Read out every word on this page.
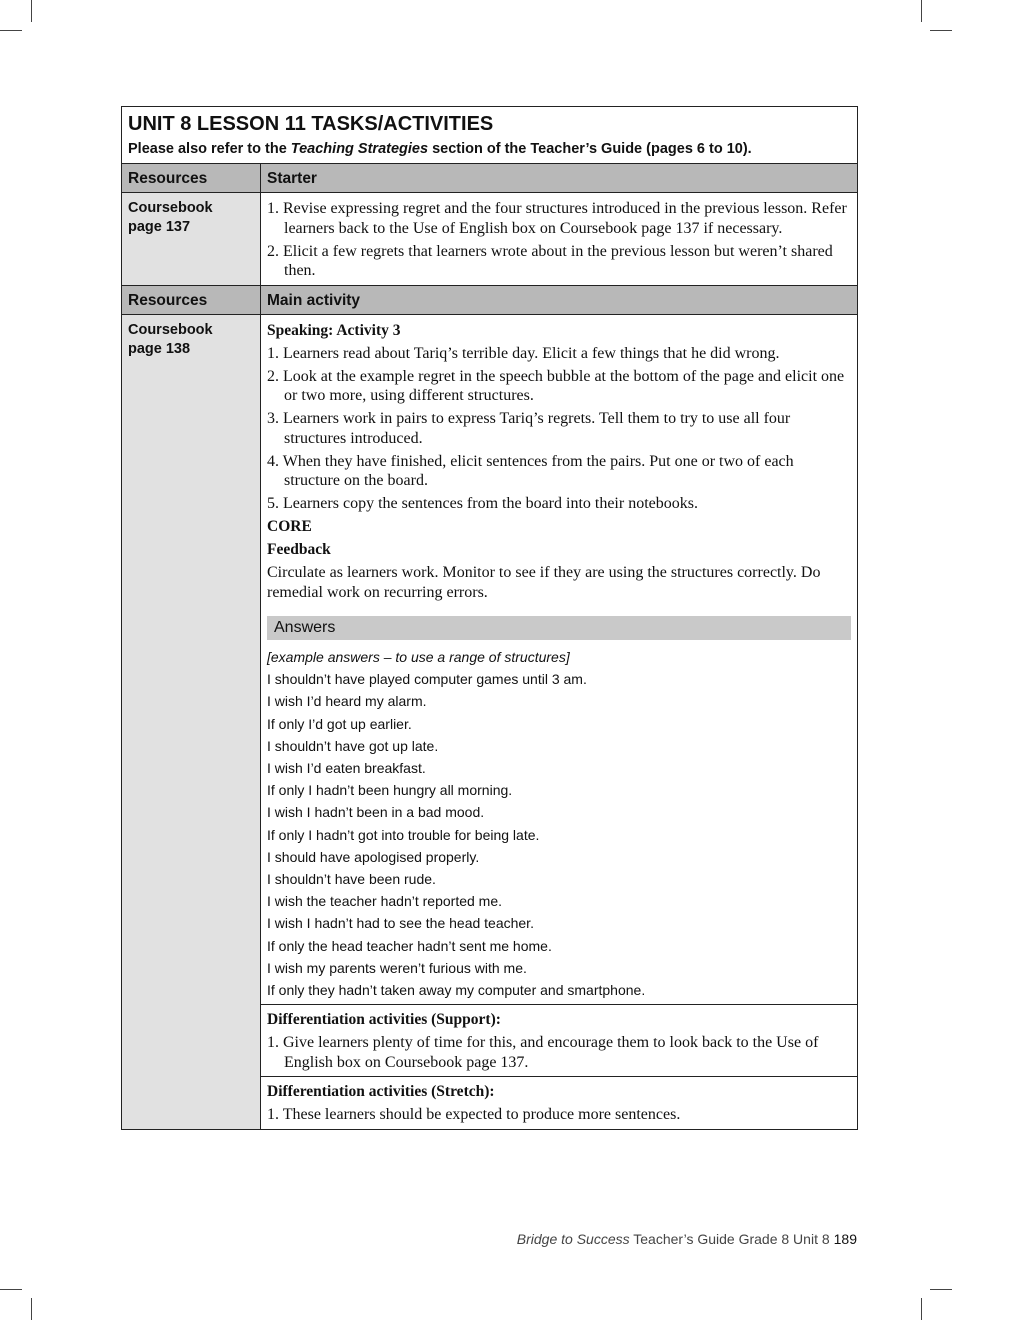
UNIT 8 LESSON 11 TASKS/ACTIVITIES
Please also refer to the Teaching Strategies section of the Teacher’s Guide (pages 6 to 10).
Resources	Starter
Coursebook
page 137
1. Revise expressing regret and the four structures introduced in the previous lesson. Refer learners back to the Use of English box on Coursebook page 137 if necessary.
2. Elicit a few regrets that learners wrote about in the previous lesson but weren’t shared then.
Resources	Main activity
Coursebook
page 138
Speaking: Activity 3
1. Learners read about Tariq’s terrible day. Elicit a few things that he did wrong.
2. Look at the example regret in the speech bubble at the bottom of the page and elicit one or two more, using different structures.
3. Learners work in pairs to express Tariq’s regrets. Tell them to try to use all four structures introduced.
4. When they have finished, elicit sentences from the pairs. Put one or two of each structure on the board.
5. Learners copy the sentences from the board into their notebooks.
CORE
Feedback
Circulate as learners work. Monitor to see if they are using the structures correctly. Do remedial work on recurring errors.
Answers
[example answers – to use a range of structures]
I shouldn’t have played computer games until 3 am.
I wish I’d heard my alarm.
If only I’d got up earlier.
I shouldn’t have got up late.
I wish I’d eaten breakfast.
If only I hadn’t been hungry all morning.
I wish I hadn’t been in a bad mood.
If only I hadn’t got into trouble for being late.
I should have apologised properly.
I shouldn’t have been rude.
I wish the teacher hadn’t reported me.
I wish I hadn’t had to see the head teacher.
If only the head teacher hadn’t sent me home.
I wish my parents weren’t furious with me.
If only they hadn’t taken away my computer and smartphone.
Differentiation activities (Support):
1. Give learners plenty of time for this, and encourage them to look back to the Use of English box on Coursebook page 137.
Differentiation activities (Stretch):
1. These learners should be expected to produce more sentences.
Bridge to Success Teacher’s Guide Grade 8 Unit 8 189
